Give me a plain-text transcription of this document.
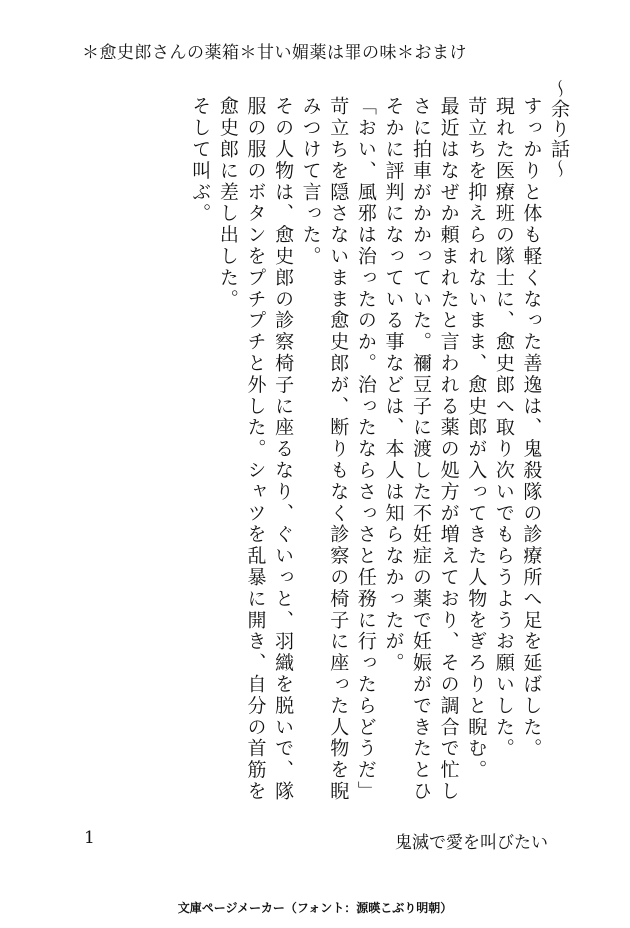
＊愈史郎さんの薬箱＊甘い媚薬は罪の味＊おまけ

～余り話～

すっかりと体も軽くなった善逸は、鬼殺隊の診療所へ足を延ばした。

現れた医療班の隊士に、愈史郎へ取り次いでもらうようお願いした。

苛立ちを抑えられないまま、愈史郎が入ってきた人物をぎろりと睨む。

最近はなぜか頼まれたと言われる薬の処方が増えており、その調合で忙しさに拍車がかかっていた。禰豆子に渡した不妊症の薬で妊娠ができたとひそかに評判になっている事などは、本人は知らなかったが。

「おい、風邪は治ったのか。治ったならさっさと任務に行ったらどうだ」

苛立ちを隠さないまま愈史郎が、断りもなく診察の椅子に座った人物を睨みつけて言った。

その人物は、愈史郎の診察椅子に座るなり、ぐいっと、羽織を脱いで、隊服の服のボタンをプチプチと外した。シャツを乱暴に開き、自分の首筋を愈史郎に差し出した。

そして叫ぶ。

1	鬼滅で愛を叫びたい
文庫ページメーカー（フォント：源暎こぶり明朝）
